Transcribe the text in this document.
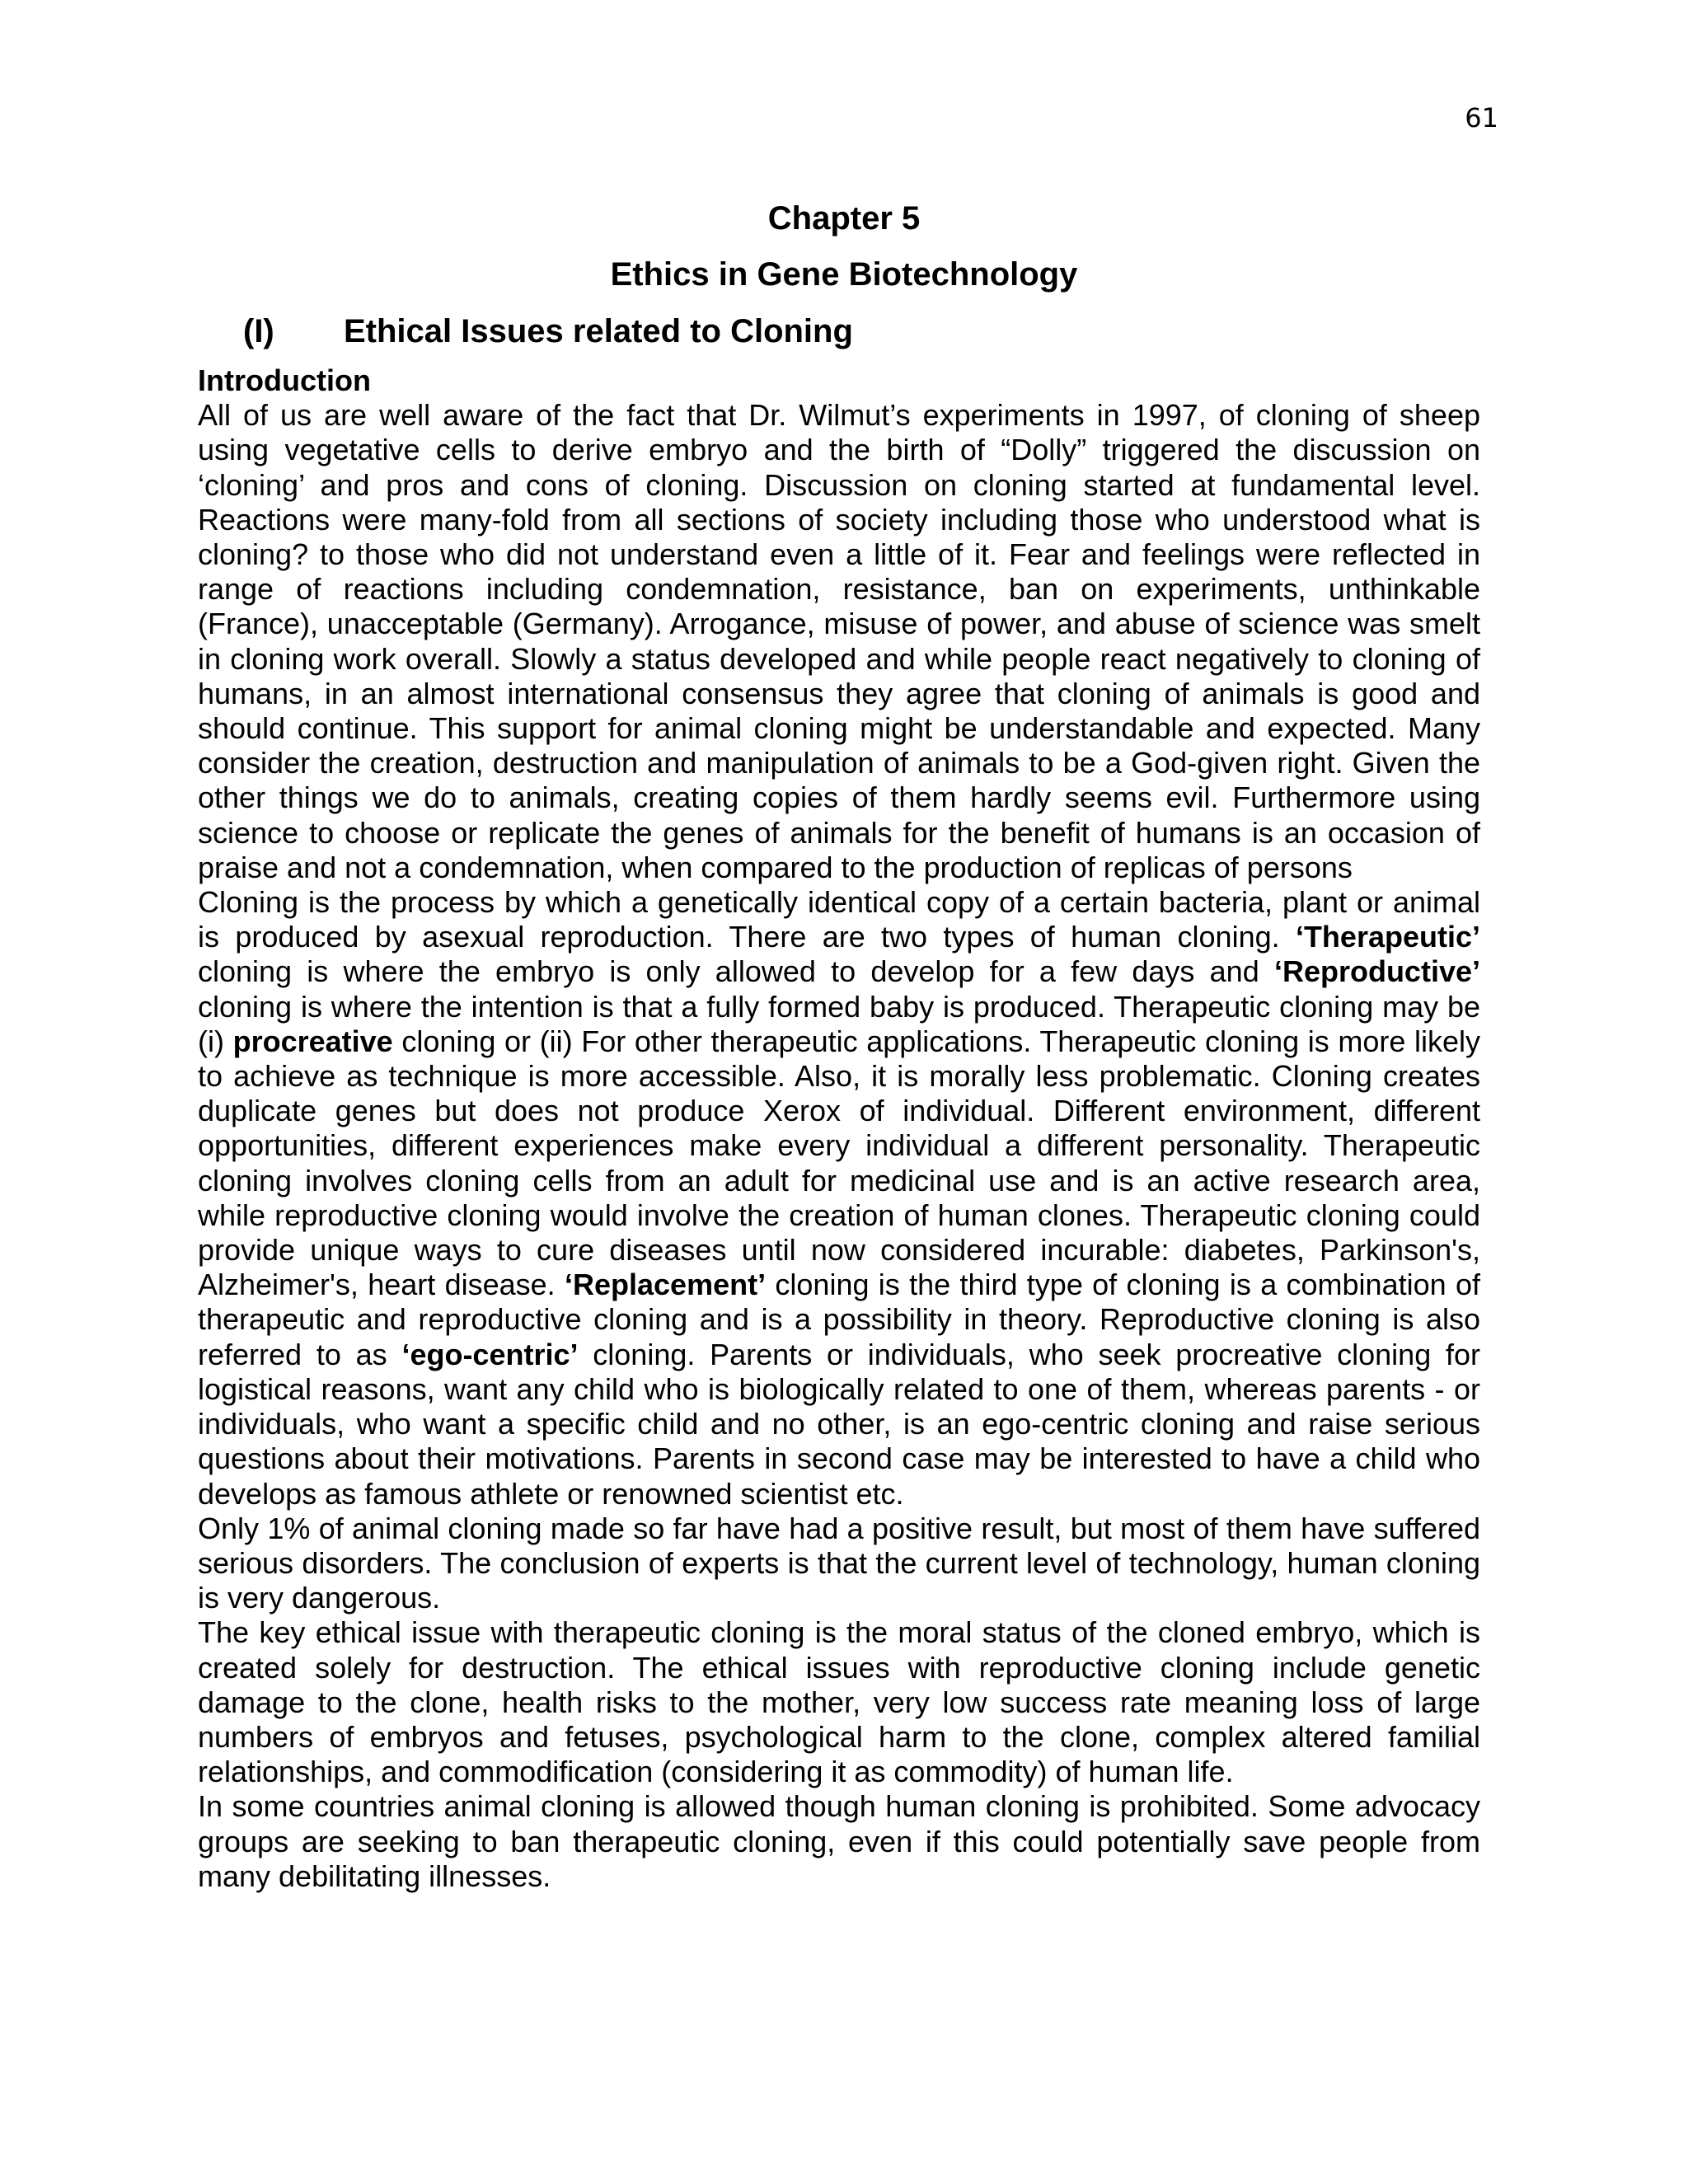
61
Chapter 5
Ethics in Gene Biotechnology
(I) Ethical Issues related to Cloning
Introduction

All of us are well aware of the fact that Dr. Wilmut’s experiments in 1997, of cloning of sheep using vegetative cells to derive embryo and the birth of “Dolly” triggered the discussion on ‘cloning’ and pros and cons of cloning. Discussion on cloning started at fundamental level. Reactions were many-fold from all sections of society including those who understood what is cloning? to those who did not understand even a little of it. Fear and feelings were reflected in range of reactions including condemnation, resistance, ban on experiments, unthinkable (France), unacceptable (Germany). Arrogance, misuse of power, and abuse of science was smelt in cloning work overall. Slowly a status developed and while people react negatively to cloning of humans, in an almost international consensus they agree that cloning of animals is good and should continue. This support for animal cloning might be understandable and expected. Many consider the creation, destruction and manipulation of animals to be a God-given right. Given the other things we do to animals, creating copies of them hardly seems evil. Furthermore using science to choose or replicate the genes of animals for the benefit of humans is an occasion of praise and not a condemnation, when compared to the production of replicas of persons

Cloning is the process by which a genetically identical copy of a certain bacteria, plant or animal is produced by asexual reproduction. There are two types of human cloning. ‘Therapeutic’ cloning is where the embryo is only allowed to develop for a few days and ‘Reproductive’ cloning is where the intention is that a fully formed baby is produced. Therapeutic cloning may be (i) procreative cloning or (ii) For other therapeutic applications. Therapeutic cloning is more likely to achieve as technique is more accessible. Also, it is morally less problematic. Cloning creates duplicate genes but does not produce Xerox of individual. Different environment, different opportunities, different experiences make every individual a different personality. Therapeutic cloning involves cloning cells from an adult for medicinal use and is an active research area, while reproductive cloning would involve the creation of human clones. Therapeutic cloning could provide unique ways to cure diseases until now considered incurable: diabetes, Parkinson's, Alzheimer's, heart disease. ‘Replacement’ cloning is the third type of cloning is a combination of therapeutic and reproductive cloning and is a possibility in theory. Reproductive cloning is also referred to as ‘ego-centric’ cloning. Parents or individuals, who seek procreative cloning for logistical reasons, want any child who is biologically related to one of them, whereas parents - or individuals, who want a specific child and no other, is an ego-centric cloning and raise serious questions about their motivations. Parents in second case may be interested to have a child who develops as famous athlete or renowned scientist etc.

Only 1% of animal cloning made so far have had a positive result, but most of them have suffered serious disorders. The conclusion of experts is that the current level of technology, human cloning is very dangerous.

The key ethical issue with therapeutic cloning is the moral status of the cloned embryo, which is created solely for destruction. The ethical issues with reproductive cloning include genetic damage to the clone, health risks to the mother, very low success rate meaning loss of large numbers of embryos and fetuses, psychological harm to the clone, complex altered familial relationships, and commodification (considering it as commodity) of human life.

In some countries animal cloning is allowed though human cloning is prohibited. Some advocacy groups are seeking to ban therapeutic cloning, even if this could potentially save people from many debilitating illnesses.
